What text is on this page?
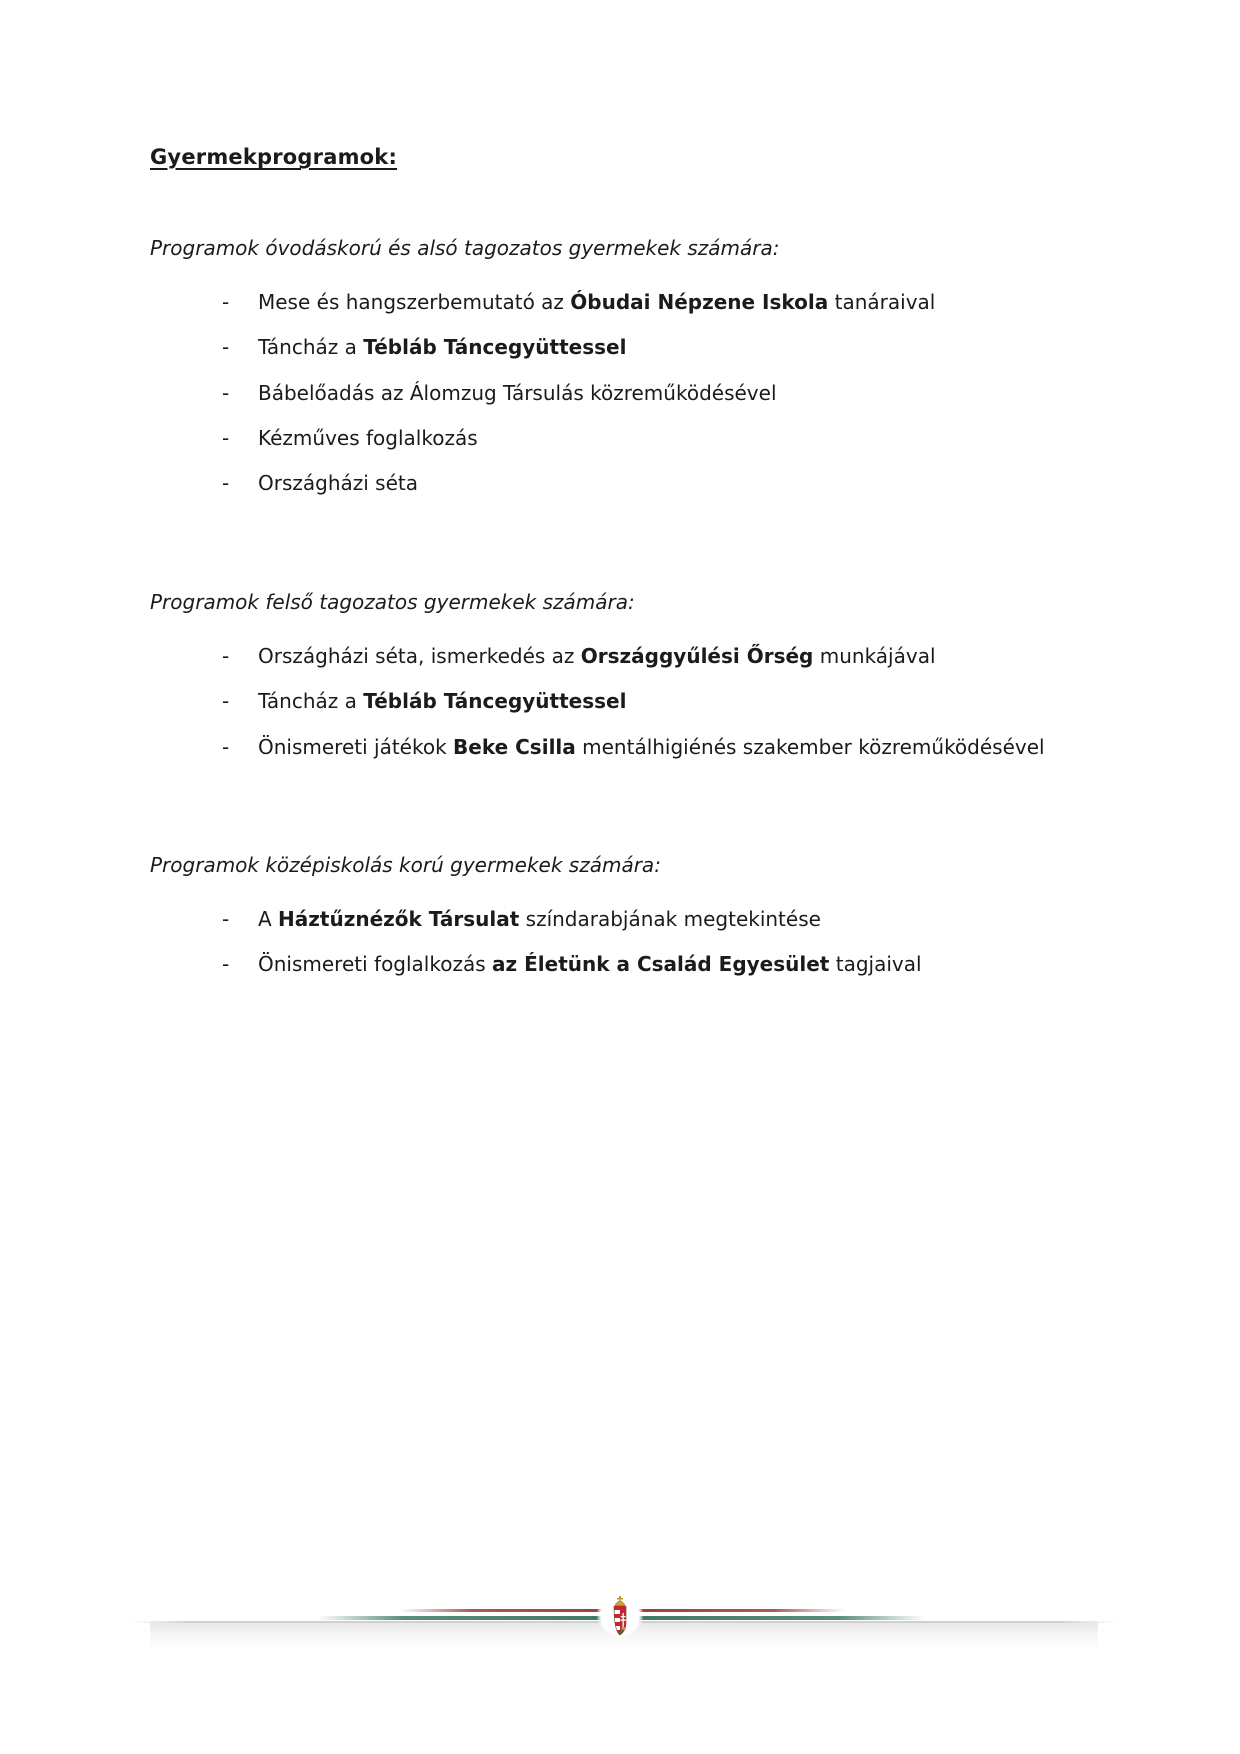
Gyermekprogramok:
Programok óvodáskorú és alsó tagozatos gyermekek számára:
-	Mese és hangszerbemutató az Óbudai Népzene Iskola tanáraival
-	Táncház a Tébláb Táncegyüttessel
-	Bábelőadás az Álomzug Társulás közreműködésével
-	Kézműves foglalkozás
-	Országházi séta
Programok felső tagozatos gyermekek számára:
-	Országházi séta, ismerkedés az Országgyűlési Őrség munkájával
-	Táncház a Tébláb Táncegyüttessel
-	Önismereti játékok Beke Csilla mentálhigiénés szakember közreműködésével
Programok középiskolás korú gyermekek számára:
-	A Háztűznézők Társulat színdarabjának megtekintése
-	Önismereti foglalkozás az Életünk a Család Egyesület tagjaival
